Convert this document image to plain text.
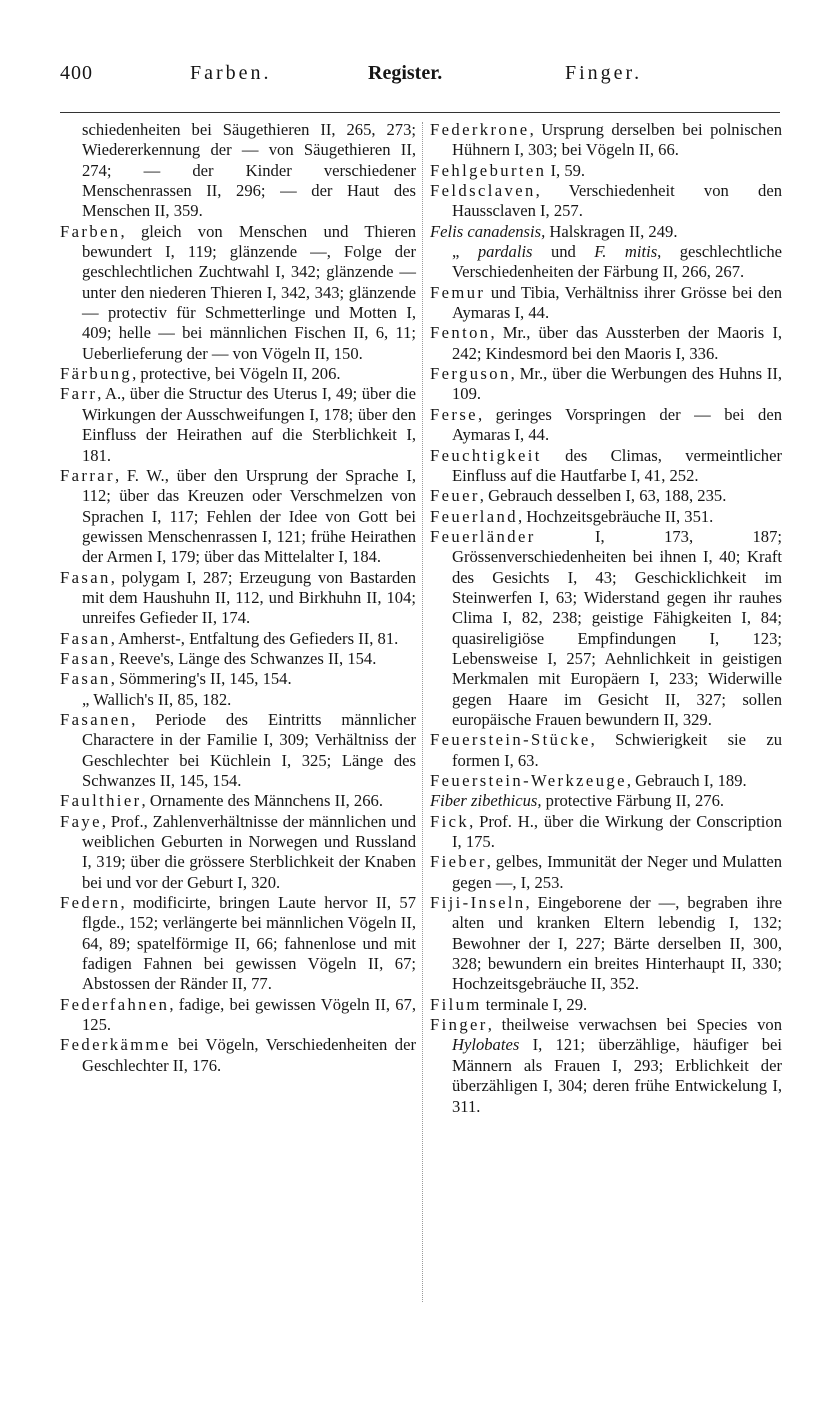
400	Farben.	Register.	Finger.

schiedenheiten bei Säugethieren II, 265, 273; Wiedererkennung der — von Säugethieren II, 274; — der Kinder verschiedener Menschenrassen II, 296; — der Haut des Menschen II, 359.

Farben, gleich von Menschen und Thieren bewundert I, 119; glänzende —, Folge der geschlechtlichen Zuchtwahl I, 342; glänzende — unter den niederen Thieren I, 342, 343; glänzende — protectiv für Schmetterlinge und Motten I, 409; helle — bei männlichen Fischen II, 6, 11; Ueberlieferung der — von Vögeln II, 150.

Färbung, protective, bei Vögeln II, 206.

Farr, A., über die Structur des Uterus I, 49; über die Wirkungen der Ausschweifungen I, 178; über den Einfluss der Heirathen auf die Sterblichkeit I, 181.

Farrar, F. W., über den Ursprung der Sprache I, 112; über das Kreuzen oder Verschmelzen von Sprachen I, 117; Fehlen der Idee von Gott bei gewissen Menschenrassen I, 121; frühe Heirathen der Armen I, 179; über das Mittelalter I, 184.

Fasan, polygam I, 287; Erzeugung von Bastarden mit dem Haushuhn II, 112, und Birkhuhn II, 104; unreifes Gefieder II, 174.

Fasan, Amherst-, Entfaltung des Gefieders II, 81.

Fasan, Reeve's, Länge des Schwanzes II, 154.

Fasan, Sömmering's II, 145, 154.

„ Wallich's II, 85, 182.

Fasanen, Periode des Eintritts männlicher Charactere in der Familie I, 309; Verhältniss der Geschlechter bei Küchlein I, 325; Länge des Schwanzes II, 145, 154.

Faulthier, Ornamente des Männchens II, 266.

Faye, Prof., Zahlenverhältnisse der männlichen und weiblichen Geburten in Norwegen und Russland I, 319; über die grössere Sterblichkeit der Knaben bei und vor der Geburt I, 320.

Federn, modificirte, bringen Laute hervor II, 57 flgde., 152; verlängerte bei männlichen Vögeln II, 64, 89; spatelförmige II, 66; fahnenlose und mit fadigen Fahnen bei gewissen Vögeln II, 67; Abstossen der Ränder II, 77.

Federfahnen, fadige, bei gewissen Vögeln II, 67, 125.

Federkämme bei Vögeln, Verschiedenheiten der Geschlechter II, 176.

Federkrone, Ursprung derselben bei polnischen Hühnern I, 303; bei Vögeln II, 66.

Fehlgeburten I, 59.

Feldsclaven, Verschiedenheit von den Haussclaven I, 257.

Felis canadensis, Halskragen II, 249.

„ pardalis und F. mitis, geschlechtliche Verschiedenheiten der Färbung II, 266, 267.

Femur und Tibia, Verhältniss ihrer Grösse bei den Aymaras I, 44.

Fenton, Mr., über das Aussterben der Maoris I, 242; Kindesmord bei den Maoris I, 336.

Ferguson, Mr., über die Werbungen des Huhns II, 109.

Ferse, geringes Vorspringen der — bei den Aymaras I, 44.

Feuchtigkeit des Climas, vermeintlicher Einfluss auf die Hautfarbe I, 41, 252.

Feuer, Gebrauch desselben I, 63, 188, 235.

Feuerland, Hochzeitsgebräuche II, 351.

Feuerländer I, 173, 187; Grössenverschiedenheiten bei ihnen I, 40; Kraft des Gesichts I, 43; Geschicklichkeit im Steinwerfen I, 63; Widerstand gegen ihr rauhes Clima I, 82, 238; geistige Fähigkeiten I, 84; quasireligiöse Empfindungen I, 123; Lebensweise I, 257; Aehnlichkeit in geistigen Merkmalen mit Europäern I, 233; Widerwille gegen Haare im Gesicht II, 327; sollen europäische Frauen bewundern II, 329.

Feuerstein-Stücke, Schwierigkeit sie zu formen I, 63.

Feuerstein-Werkzeuge, Gebrauch I, 189.

Fiber zibethicus, protective Färbung II, 276.

Fick, Prof. H., über die Wirkung der Conscription I, 175.

Fieber, gelbes, Immunität der Neger und Mulatten gegen —, I, 253.

Fiji-Inseln, Eingeborene der —, begraben ihre alten und kranken Eltern lebendig I, 132; Bewohner der I, 227; Bärte derselben II, 300, 328; bewundern ein breites Hinterhaupt II, 330; Hochzeitsgebräuche II, 352.

Filum terminale I, 29.

Finger, theilweise verwachsen bei Species von Hylobates I, 121; überzählige, häufiger bei Männern als Frauen I, 293; Erblichkeit der überzähligen I, 304; deren frühe Entwickelung I, 311.
